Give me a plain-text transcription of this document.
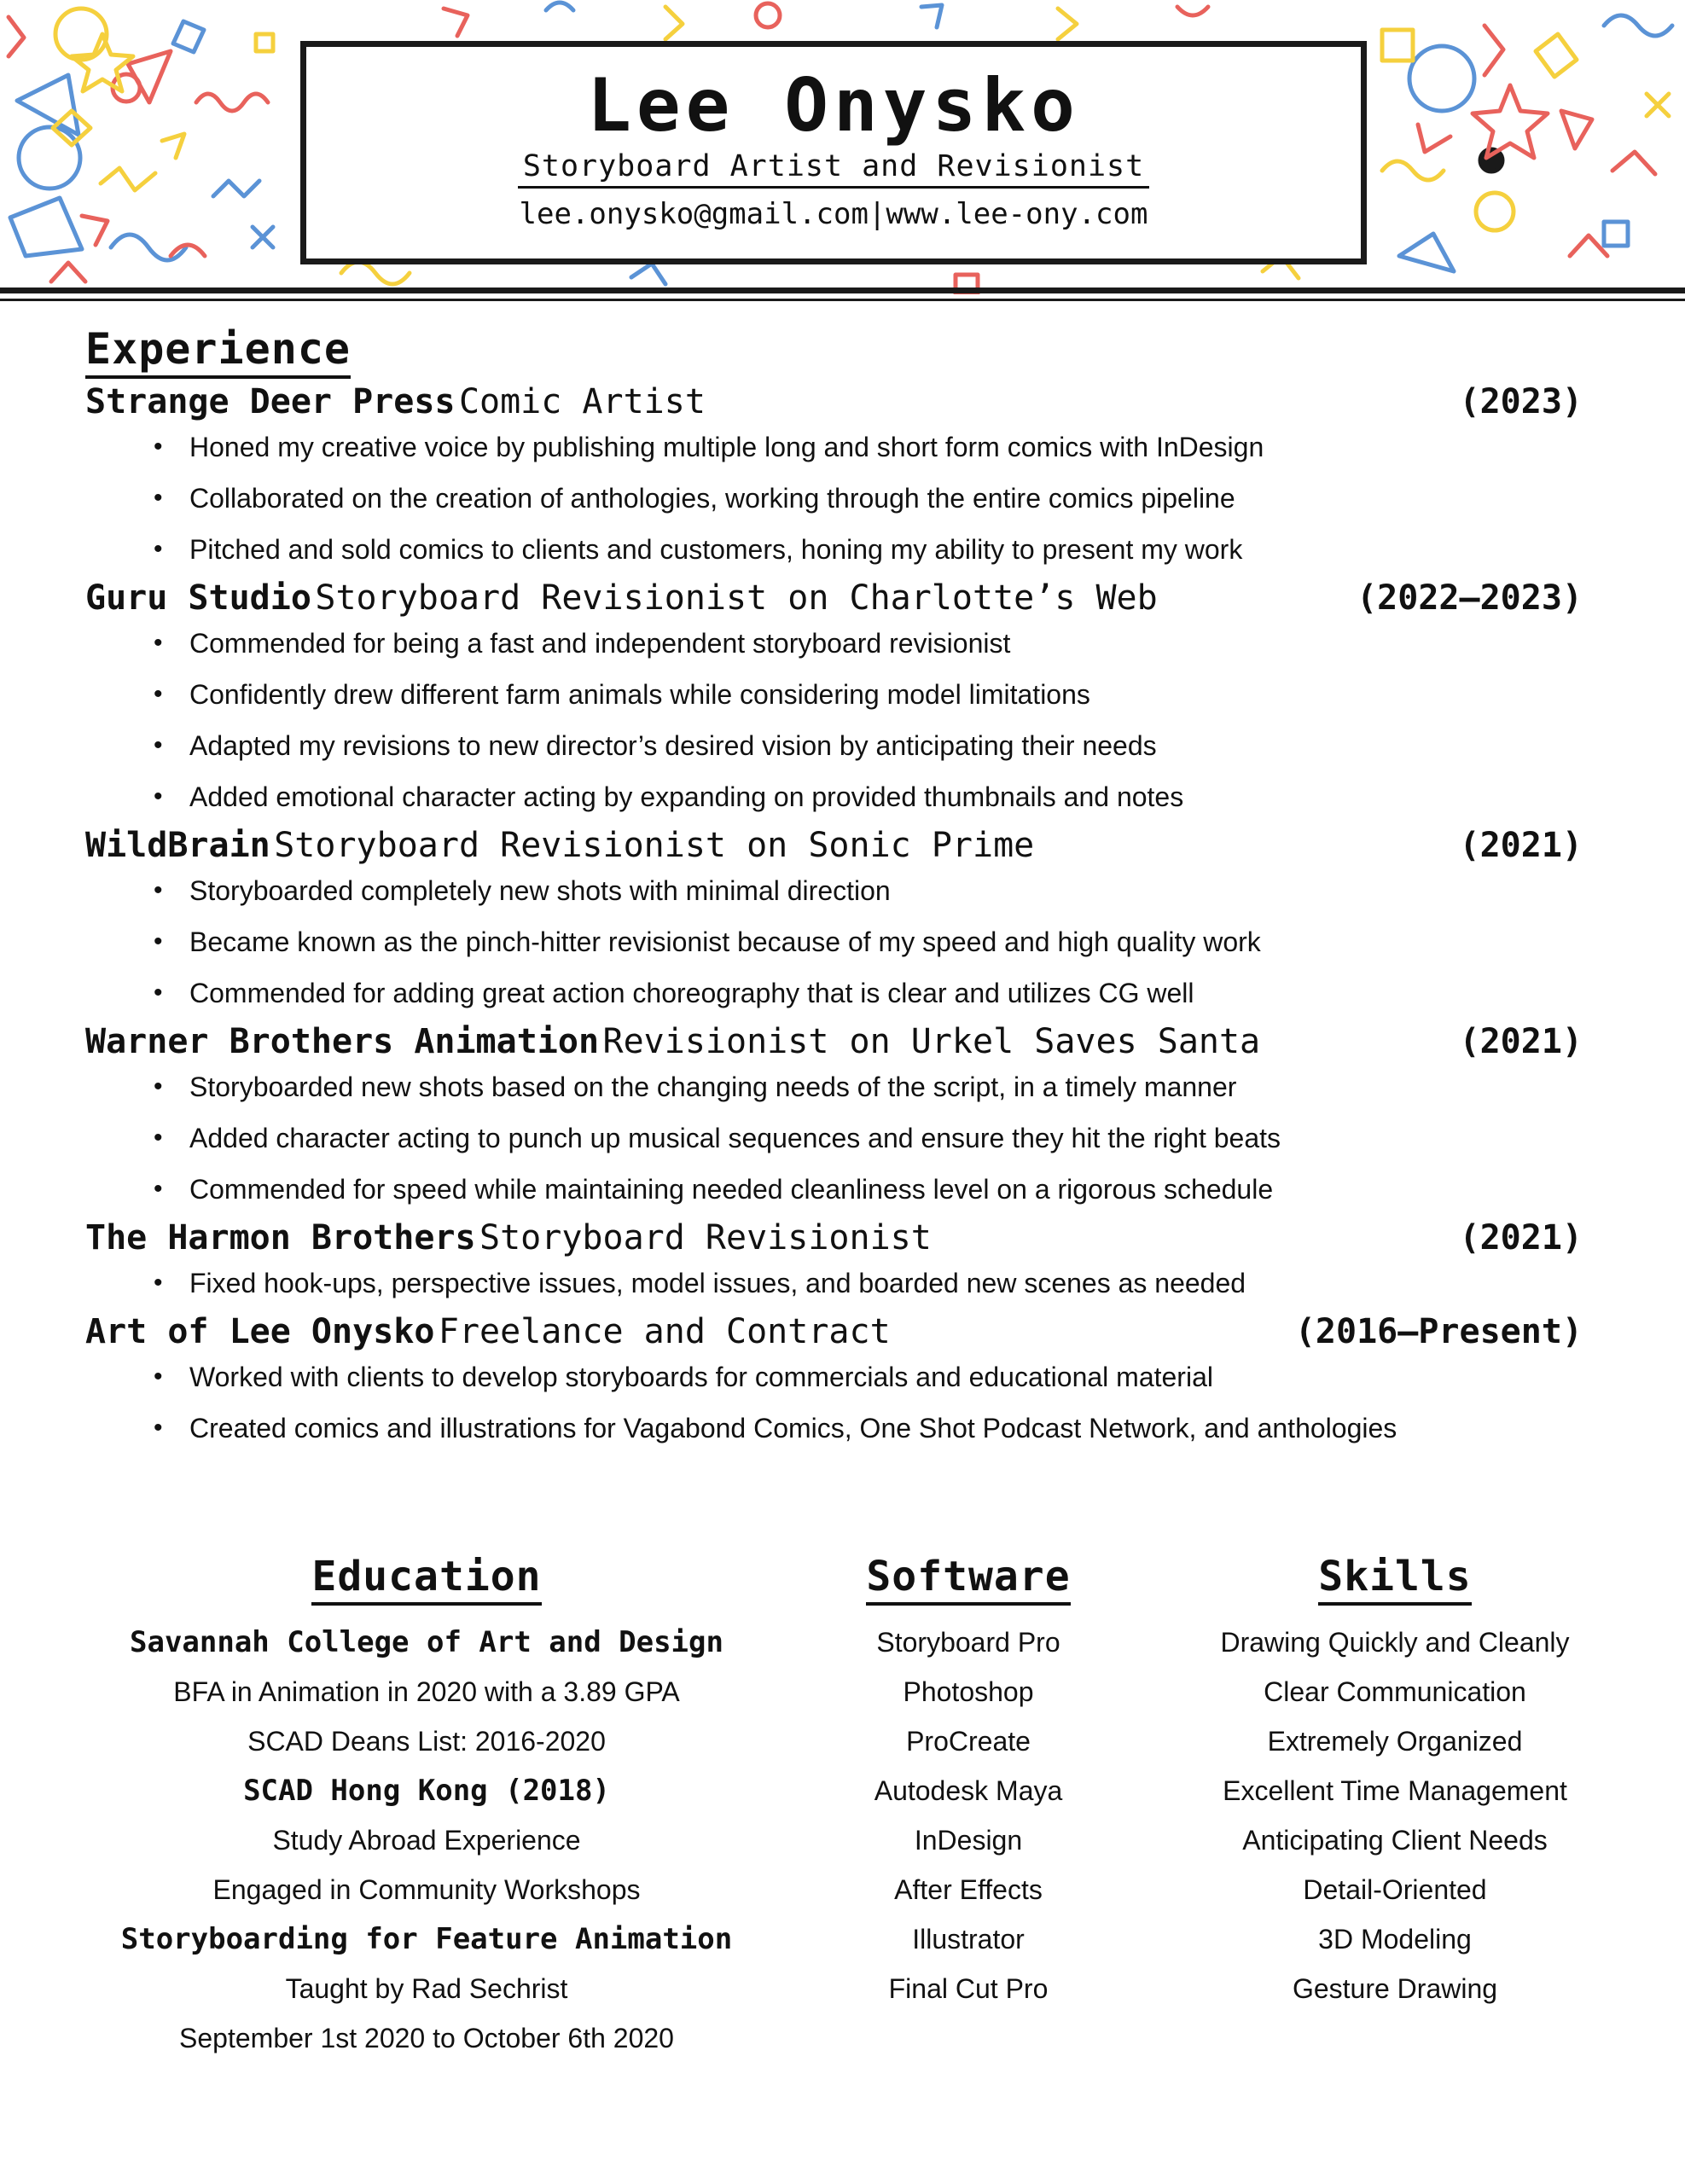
Lee Onysko
Storyboard Artist and Revisionist
lee.onysko@gmail.com|www.lee-ony.com
Experience
Strange Deer Press Comic Artist	(2023)
• Honed my creative voice by publishing multiple long and short form comics with InDesign
• Collaborated on the creation of anthologies, working through the entire comics pipeline
• Pitched and sold comics to clients and customers, honing my ability to present my work
Guru Studio Storyboard Revisionist on Charlotte’s Web	(2022–2023)
• Commended for being a fast and independent storyboard revisionist
• Confidently drew different farm animals while considering model limitations
• Adapted my revisions to new director’s desired vision by anticipating their needs
• Added emotional character acting by expanding on provided thumbnails and notes
WildBrain Storyboard Revisionist on Sonic Prime	(2021)
• Storyboarded completely new shots with minimal direction
• Became known as the pinch-hitter revisionist because of my speed and high quality work
• Commended for adding great action choreography that is clear and utilizes CG well
Warner Brothers Animation Revisionist on Urkel Saves Santa	(2021)
• Storyboarded new shots based on the changing needs of the script, in a timely manner
• Added character acting to punch up musical sequences and ensure they hit the right beats
• Commended for speed while maintaining needed cleanliness level on a rigorous schedule
The Harmon Brothers Storyboard Revisionist	(2021)
• Fixed hook-ups, perspective issues, model issues, and boarded new scenes as needed
Art of Lee Onysko Freelance and Contract	(2016–Present)
• Worked with clients to develop storyboards for commercials and educational material
• Created comics and illustrations for Vagabond Comics, One Shot Podcast Network, and anthologies
Education
Savannah College of Art and Design
BFA in Animation in 2020 with a 3.89 GPA
SCAD Deans List: 2016-2020
SCAD Hong Kong (2018)
Study Abroad Experience
Engaged in Community Workshops
Storyboarding for Feature Animation
Taught by Rad Sechrist
September 1st 2020 to October 6th 2020
Software
Storyboard Pro
Photoshop
ProCreate
Autodesk Maya
InDesign
After Effects
Illustrator
Final Cut Pro
Skills
Drawing Quickly and Cleanly
Clear Communication
Extremely Organized
Excellent Time Management
Anticipating Client Needs
Detail-Oriented
3D Modeling
Gesture Drawing
